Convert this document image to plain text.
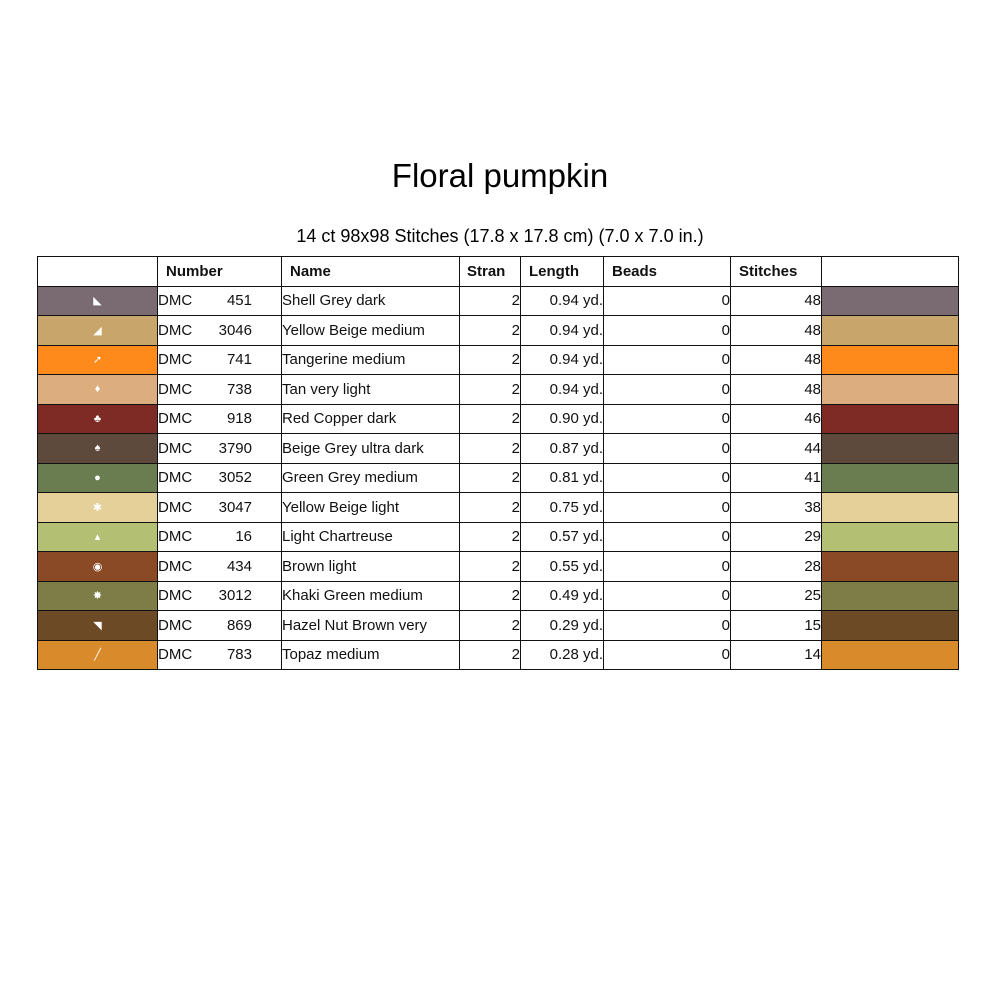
Floral pumpkin
14 ct 98x98 Stitches (17.8 x 17.8 cm) (7.0 x 7.0 in.)
	Number	Name	Stran	Length	Beads	Stitches	
◣	DMC 451	Shell Grey dark	2	0.94 yd.	0	48	
◢	DMC 3046	Yellow Beige medium	2	0.94 yd.	0	48	
➚	DMC 741	Tangerine medium	2	0.94 yd.	0	48	
♦	DMC 738	Tan very light	2	0.94 yd.	0	48	
♣	DMC 918	Red Copper dark	2	0.90 yd.	0	46	
♠	DMC 3790	Beige Grey ultra dark	2	0.87 yd.	0	44	
●	DMC 3052	Green Grey medium	2	0.81 yd.	0	41	
✱	DMC 3047	Yellow Beige light	2	0.75 yd.	0	38	
▴	DMC 16	Light Chartreuse	2	0.57 yd.	0	29	
◉	DMC 434	Brown light	2	0.55 yd.	0	28	
✸	DMC 3012	Khaki Green medium	2	0.49 yd.	0	25	
◥	DMC 869	Hazel Nut Brown very	2	0.29 yd.	0	15	
╱	DMC 783	Topaz medium	2	0.28 yd.	0	14	
